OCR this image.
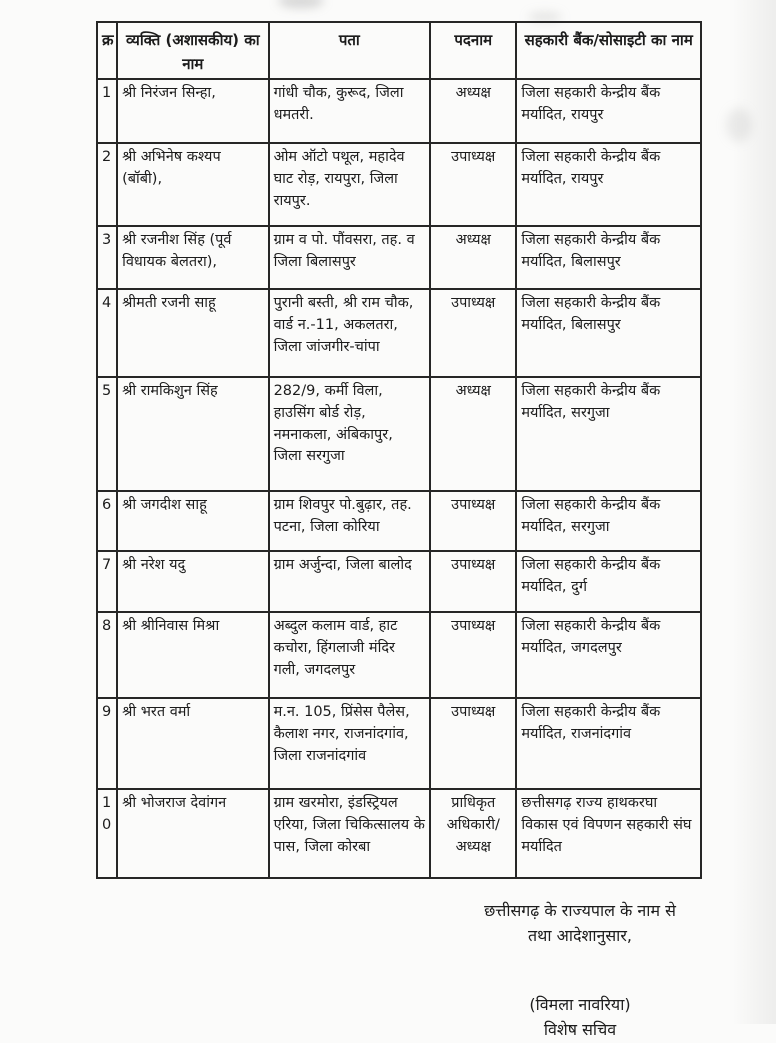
क्र	व्यक्ति (अशासकीय) का नाम	पता	पदनाम	सहकारी बैंक/सोसाइटी का नाम
1	श्री निरंजन सिन्हा,	गांधी चौक, कुरूद, जिला धमतरी.	अध्यक्ष	जिला सहकारी केन्द्रीय बैंक मर्यादित, रायपुर
2	श्री अभिनेष कश्यप (बॉबी),	ओम ऑटो पथूल, महादेव घाट रोड़, रायपुरा, जिला रायपुर.	उपाध्यक्ष	जिला सहकारी केन्द्रीय बैंक मर्यादित, रायपुर
3	श्री रजनीश सिंह (पूर्व विधायक बेलतरा),	ग्राम व पो. पौंवसरा, तह. व जिला बिलासपुर	अध्यक्ष	जिला सहकारी केन्द्रीय बैंक मर्यादित, बिलासपुर
4	श्रीमती रजनी साहू	पुरानी बस्ती, श्री राम चौक, वार्ड न.-11, अकलतरा, जिला जांजगीर-चांपा	उपाध्यक्ष	जिला सहकारी केन्द्रीय बैंक मर्यादित, बिलासपुर
5	श्री रामकिशुन सिंह	282/9, कर्मी विला, हाउसिंग बोर्ड रोड़, नमनाकला, अंबिकापुर, जिला सरगुजा	अध्यक्ष	जिला सहकारी केन्द्रीय बैंक मर्यादित, सरगुजा
6	श्री जगदीश साहू	ग्राम शिवपुर पो.बुढ़ार, तह. पटना, जिला कोरिया	उपाध्यक्ष	जिला सहकारी केन्द्रीय बैंक मर्यादित, सरगुजा
7	श्री नरेश यदु	ग्राम अर्जुन्दा, जिला बालोद	उपाध्यक्ष	जिला सहकारी केन्द्रीय बैंक मर्यादित, दुर्ग
8	श्री श्रीनिवास मिश्रा	अब्दुल कलाम वार्ड, हाट कचोरा, हिंगलाजी मंदिर गली, जगदलपुर	उपाध्यक्ष	जिला सहकारी केन्द्रीय बैंक मर्यादित, जगदलपुर
9	श्री भरत वर्मा	म.न. 105, प्रिंसेस पैलेस, कैलाश नगर, राजनांदगांव, जिला राजनांदगांव	उपाध्यक्ष	जिला सहकारी केन्द्रीय बैंक मर्यादित, राजनांदगांव
10	श्री भोजराज देवांगन	ग्राम खरमोरा, इंडस्ट्रियल एरिया, जिला चिकित्सालय के पास, जिला कोरबा	प्राधिकृत अधिकारी/ अध्यक्ष	छत्तीसगढ़ राज्य हाथकरघा विकास एवं विपणन सहकारी संघ मर्यादित
छत्तीसगढ़ के राज्यपाल के नाम से
तथा आदेशानुसार,
(विमला नावरिया)
विशेष सचिव
